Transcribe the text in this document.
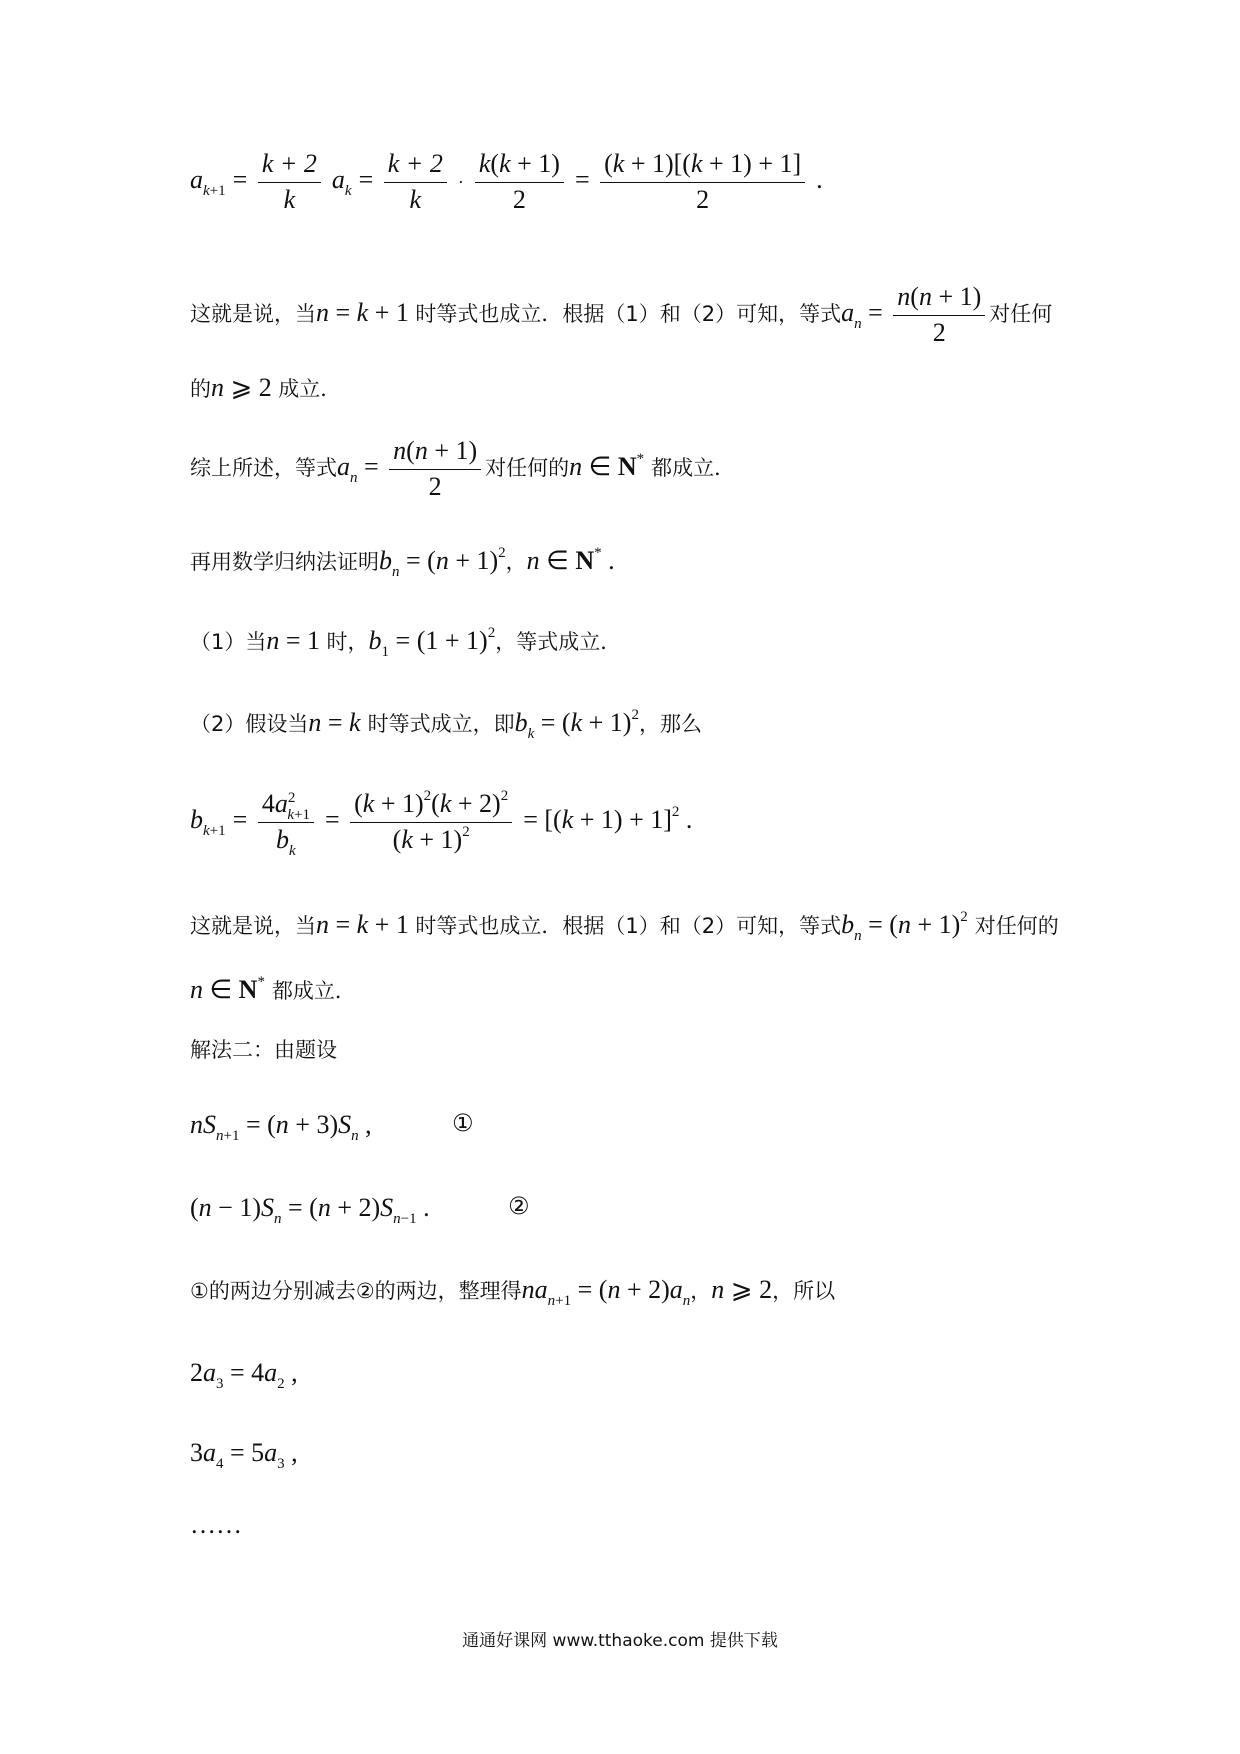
$a_{k+1} = \frac{k + 2}{k} a_k = \frac{k + 2}{k} \cdot \frac{k(k + 1)}{2} = \frac{(k + 1)[(k + 1) + 1]}{2}$ .
这就是说，当n = k + 1 时等式也成立．根据（1）和（2）可知，等式$a_n = \frac{n(n + 1)}{2}$ 对任何
的n ⩾ 2 成立．
综上所述，等式$a_n = \frac{n(n + 1)}{2}$ 对任何的n ∈ N* 都成立．
再用数学归纳法证明$b_n = (n + 1)^2$，n ∈ N* .
（1）当n = 1 时，$b_1 = (1 + 1)^2$，等式成立．
（2）假设当n = k 时等式成立，即$b_k = (k + 1)^2$，那么
$b_{k+1} = \frac{4a^2_{k+1}}{b_k} = \frac{(k + 1)^2(k + 2)^2}{(k + 1)^2} = [(k + 1) + 1]^2$ .
这就是说，当n = k + 1 时等式也成立．根据（1）和（2）可知，等式$b_n = (n + 1)^2$ 对任何的
n ∈ N* 都成立．
解法二：由题设
$nS_{n+1} = (n + 3)S_n$ ,	①
$(n - 1)S_n = (n + 2)S_{n-1}$ .	②
①的两边分别减去②的两边，整理得$na_{n+1} = (n + 2)a_n$，n ⩾ 2，所以
$2a_3 = 4a_2$ ,
$3a_4 = 5a_3$ ,
……
通通好课网 www.tthaoke.com 提供下载
